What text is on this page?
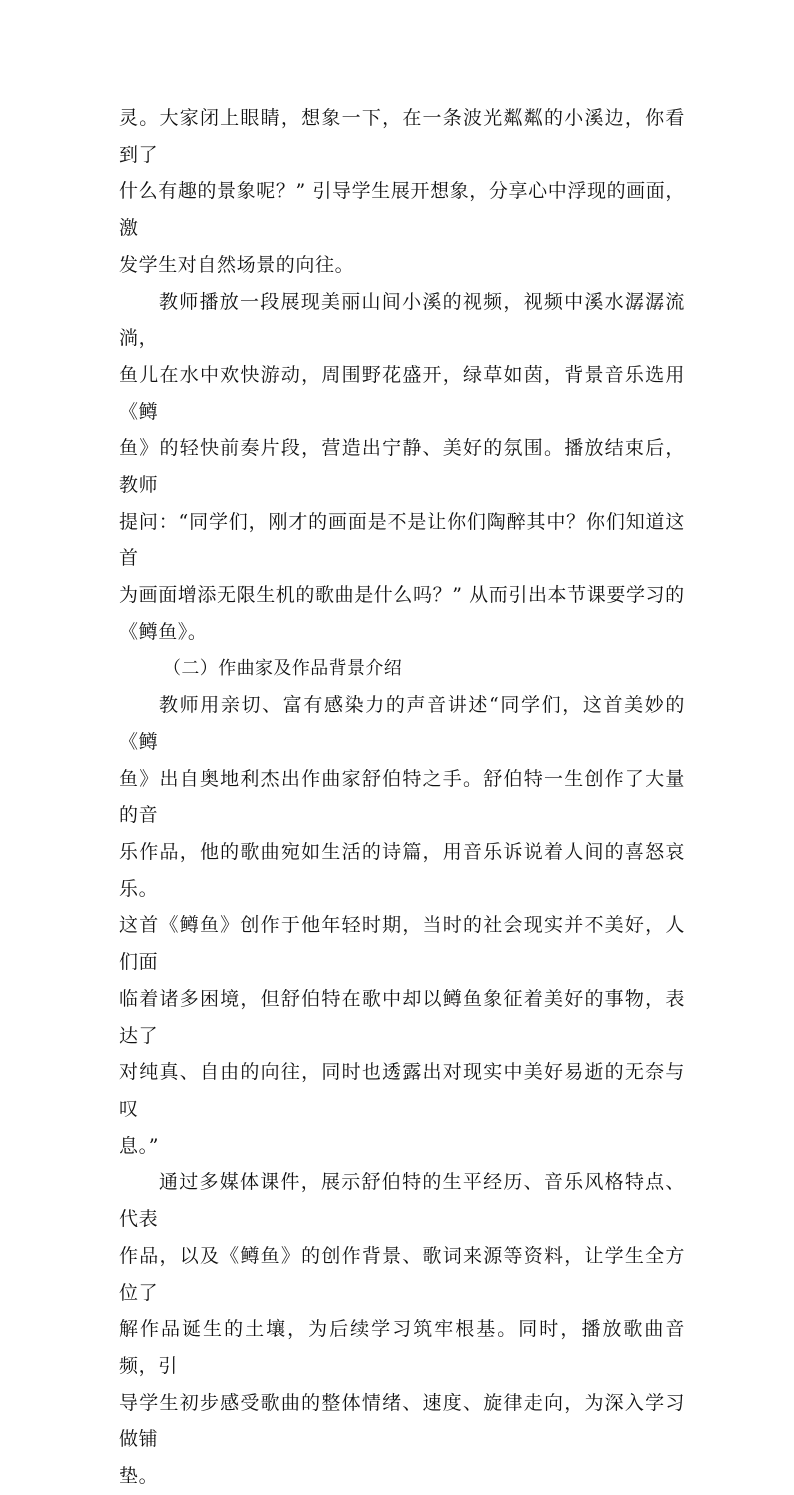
灵。大家闭上眼睛，想象一下，在一条波光粼粼的小溪边，你看到了
什么有趣的景象呢？” 引导学生展开想象，分享心中浮现的画面，激
发学生对自然场景的向往。

教师播放一段展现美丽山间小溪的视频，视频中溪水潺潺流淌，
鱼儿在水中欢快游动，周围野花盛开，绿草如茵，背景音乐选用《鳟
鱼》的轻快前奏片段，营造出宁静、美好的氛围。播放结束后，教师
提问：“同学们，刚才的画面是不是让你们陶醉其中？你们知道这首
为画面增添无限生机的歌曲是什么吗？” 从而引出本节课要学习的
《鳟鱼》。

（二）作曲家及作品背景介绍

教师用亲切、富有感染力的声音讲述“同学们，这首美妙的《鳟
鱼》出自奥地利杰出作曲家舒伯特之手。舒伯特一生创作了大量的音
乐作品，他的歌曲宛如生活的诗篇，用音乐诉说着人间的喜怒哀乐。
这首《鳟鱼》创作于他年轻时期，当时的社会现实并不美好，人们面
临着诸多困境，但舒伯特在歌中却以鳟鱼象征着美好的事物，表达了
对纯真、自由的向往，同时也透露出对现实中美好易逝的无奈与叹
息。”

通过多媒体课件，展示舒伯特的生平经历、音乐风格特点、代表
作品，以及《鳟鱼》的创作背景、歌词来源等资料，让学生全方位了
解作品诞生的土壤，为后续学习筑牢根基。同时，播放歌曲音频，引
导学生初步感受歌曲的整体情绪、速度、旋律走向，为深入学习做铺
垫。
